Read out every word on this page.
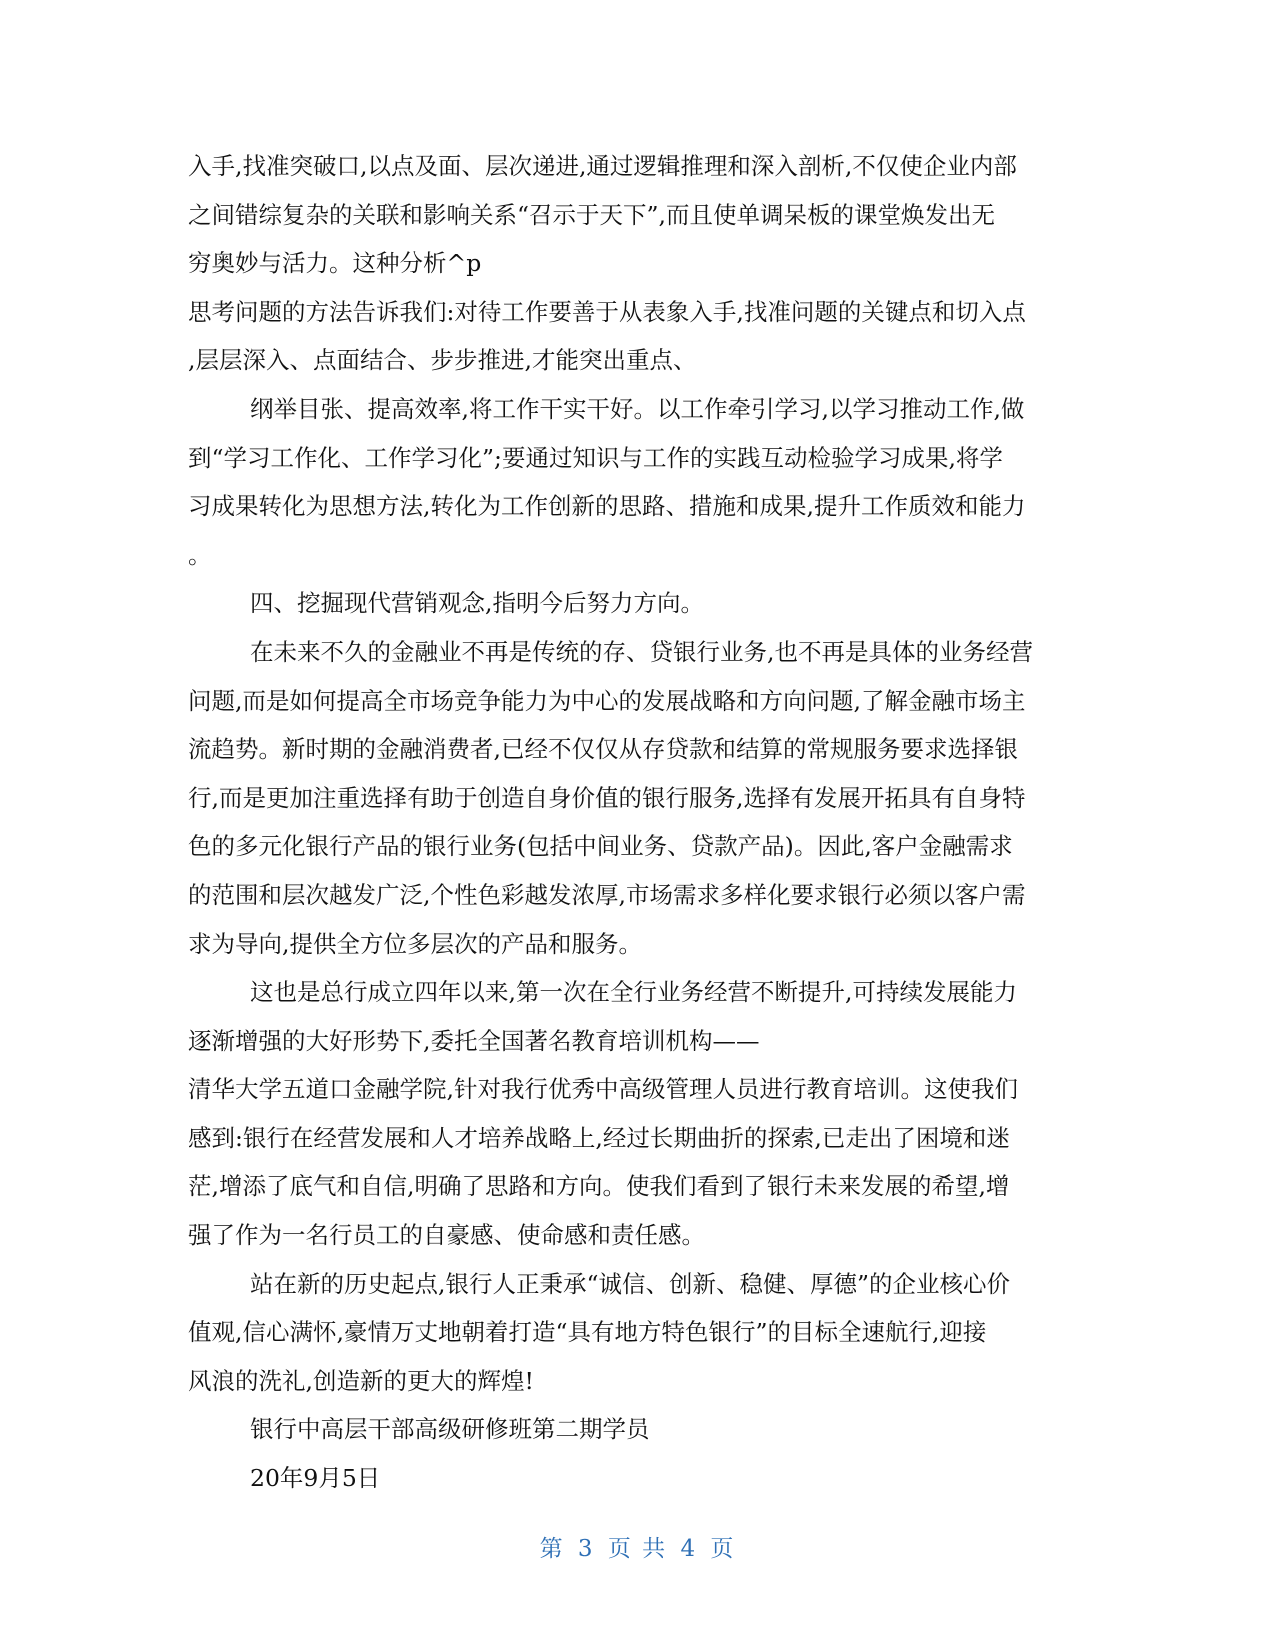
入手,找准突破口,以点及面、层次递进,通过逻辑推理和深入剖析,不仅使企业内部
之间错综复杂的关联和影响关系“召示于天下”,而且使单调呆板的课堂焕发出无
穷奥妙与活力。这种分析^p
思考问题的方法告诉我们:对待工作要善于从表象入手,找准问题的关键点和切入点
,层层深入、点面结合、步步推进,才能突出重点、
纲举目张、提高效率,将工作干实干好。以工作牵引学习,以学习推动工作,做
到“学习工作化、工作学习化”;要通过知识与工作的实践互动检验学习成果,将学
习成果转化为思想方法,转化为工作创新的思路、措施和成果,提升工作质效和能力
。
四、挖掘现代营销观念,指明今后努力方向。
在未来不久的金融业不再是传统的存、贷银行业务,也不再是具体的业务经营
问题,而是如何提高全市场竞争能力为中心的发展战略和方向问题,了解金融市场主
流趋势。新时期的金融消费者,已经不仅仅从存贷款和结算的常规服务要求选择银
行,而是更加注重选择有助于创造自身价值的银行服务,选择有发展开拓具有自身特
色的多元化银行产品的银行业务(包括中间业务、贷款产品)。因此,客户金融需求
的范围和层次越发广泛,个性色彩越发浓厚,市场需求多样化要求银行必须以客户需
求为导向,提供全方位多层次的产品和服务。
这也是总行成立四年以来,第一次在全行业务经营不断提升,可持续发展能力
逐渐增强的大好形势下,委托全国著名教育培训机构——
清华大学五道口金融学院,针对我行优秀中高级管理人员进行教育培训。这使我们
感到:银行在经营发展和人才培养战略上,经过长期曲折的探索,已走出了困境和迷
茫,增添了底气和自信,明确了思路和方向。使我们看到了银行未来发展的希望,增
强了作为一名行员工的自豪感、使命感和责任感。
站在新的历史起点,银行人正秉承“诚信、创新、稳健、厚德”的企业核心价
值观,信心满怀,豪情万丈地朝着打造“具有地方特色银行”的目标全速航行,迎接
风浪的洗礼,创造新的更大的辉煌!
银行中高层干部高级研修班第二期学员
20年9月5日
第 3 页 共 4 页
